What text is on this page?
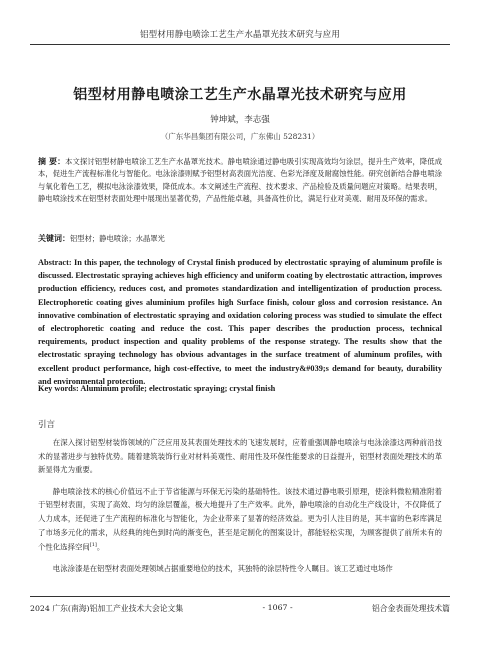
铝型材用静电喷涂工艺生产水晶罩光技术研究与应用
铝型材用静电喷涂工艺生产水晶罩光技术研究与应用
钟坤斌，李志强
（广东华昌集团有限公司，广东佛山 528231）
摘 要：本文探讨铝型材静电喷涂工艺生产水晶罩光技术。静电喷涂通过静电吸引实现高效均匀涂层，提升生产效率，降低成本，促进生产流程标准化与智能化。电泳涂漆则赋予铝型材高表面光洁度、色彩光泽度及耐腐蚀性能。研究创新结合静电喷涂与氧化着色工艺，模拟电泳涂漆效果，降低成本。本文阐述生产流程、技术要求、产品检验及质量问题应对策略。结果表明，静电喷涂技术在铝型材表面处理中展现出显著优势，产品性能卓越，具备高性价比，满足行业对美观、耐用及环保的需求。
关键词：铝型材；静电喷涂；水晶罩光
Abstract: In this paper, the technology of Crystal finish produced by electrostatic spraying of aluminum profile is discussed. Electrostatic spraying achieves high efficiency and uniform coating by electrostatic attraction, improves production efficiency, reduces cost, and promotes standardization and intelligentization of production process. Electrophoretic coating gives aluminium profiles high Surface finish, colour gloss and corrosion resistance. An innovative combination of electrostatic spraying and oxidation coloring process was studied to simulate the effect of electrophoretic coating and reduce the cost. This paper describes the production process, technical requirements, product inspection and quality problems of the response strategy. The results show that the electrostatic spraying technology has obvious advantages in the surface treatment of aluminum profiles, with excellent product performance, high cost-effective, to meet the industry&#039;s demand for beauty, durability and environmental protection.
Key words: Aluminum profile; electrostatic spraying; crystal finish
引言

在深入探讨铝型材装饰领域的广泛应用及其表面处理技术的飞速发展时，应着重强调静电喷涂与电泳涂漆这两种前沿技术的显著进步与独特优势。随着建筑装饰行业对材料美观性、耐用性及环保性能要求的日益提升，铝型材表面处理技术的革新显得尤为重要。

静电喷涂技术的核心价值远不止于节省能源与环保无污染的基础特性。该技术通过静电吸引原理，使涂料微粒精准附着于铝型材表面，实现了高效、均匀的涂层覆盖，极大地提升了生产效率。此外，静电喷涂的自动化生产线设计，不仅降低了人力成本，还促进了生产流程的标准化与智能化，为企业带来了显著的经济效益。更为引人注目的是，其丰富的色彩库满足了市场多元化的需求，从经典的纯色到时尚的渐变色，甚至是定制化的图案设计，都能轻松实现，为顾客提供了前所未有的个性化选择空间[1]。

电泳涂漆是在铝型材表面处理领域占据重要地位的技术，其独特的涂层特性令人瞩目。该工艺通过电场作

2024 广东(南海)铝加工产业技术大会论文集	- 1067 -	铝合金表面处理技术篇
